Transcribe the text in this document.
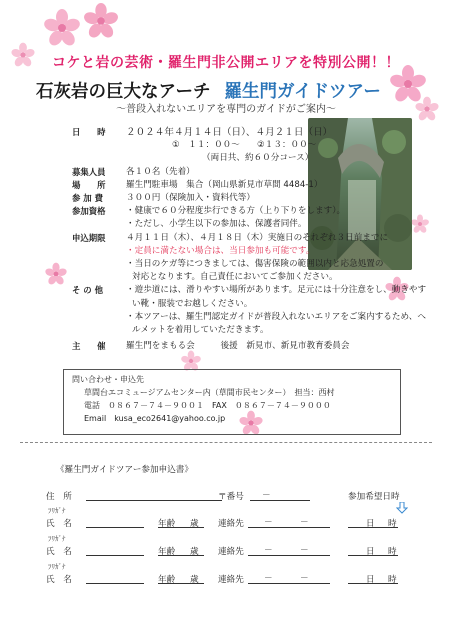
コケと岩の芸術・羅生門非公開エリアを特別公開！！
石灰岩の巨大なアーチ 羅生門ガイドツアー
～普段入れないエリアを専門のガイドがご案内～
日　　時	２０２４年４月１４日（日）、４月２１日（日）
①　１１：００～　　②１３：００～
（両日共、約６０分コース）
募集人員	各１０名（先着）
場　　所	羅生門駐車場　集合（岡山県新見市草間 4484-1）
参 加 費	３００円（保険加入・資料代等）
参加資格	・健康で６０分程度歩行できる方（上り下りをします）。
・ただし、小学生以下の参加は、保護者同伴。
申込期限	４月１１日（木）、４月１８日（木）実施日のそれぞれ３日前までに
・定員に満たない場合は、当日参加も可能です。
・当日のケガ等につきましては、傷害保険の範囲以内と応急処置の
対応となります。自己責任においてご参加ください。
そ の 他	・遊歩道には、滑りやすい場所があります。足元には十分注意をし、動きやす
い靴・服装でお越しください。
・本ツアーは、羅生門認定ガイドが普段入れないエリアをご案内するため、へ
ルメットを着用していただきます。
主　　催	羅生門をまもる会　　　後援　新見市、新見市教育委員会
問い合わせ・申込先
草間台エコミュージアムセンター内（草間市民センター）　担当：西村
電話　０８６７－７４－９００１　FAX　０８６７－７４－９０００
Email　kusa_eco2641@yahoo.co.jp
《羅生門ガイドツアー参加申込書》
住　所	〒番号 －	参加希望日時
ﾌﾘｶﾞﾅ
氏　名	年齢 歳 連絡先 －	－	日 時
ﾌﾘｶﾞﾅ
氏　名	年齢 歳 連絡先 －	－	日 時
ﾌﾘｶﾞﾅ
氏　名	年齢 歳 連絡先 －	－	日 時
